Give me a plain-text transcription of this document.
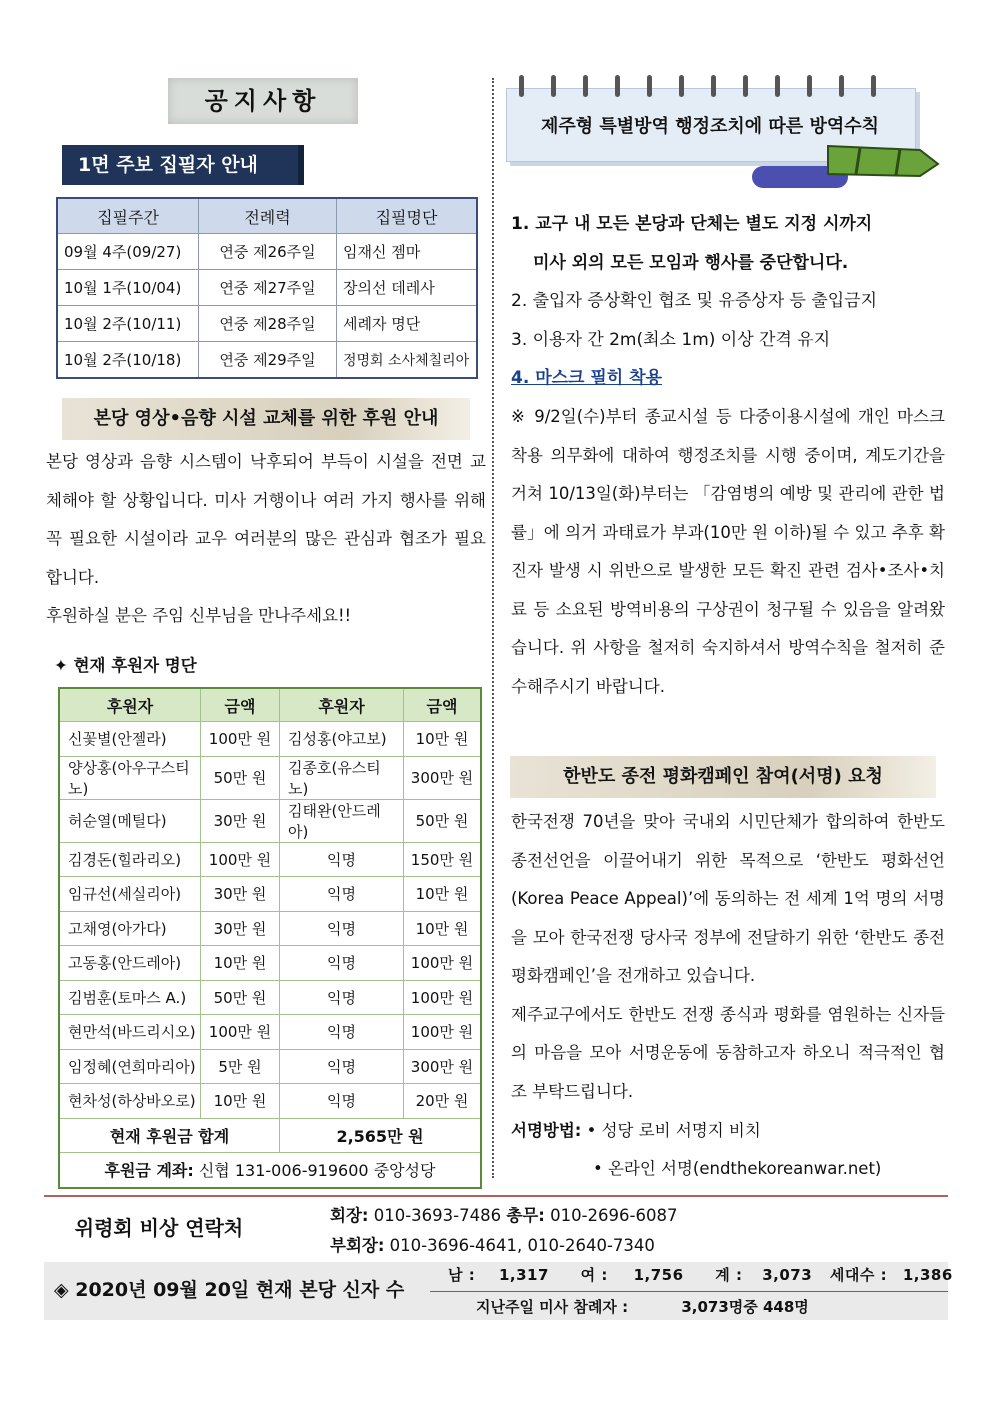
공지사항
1면 주보 집필자 안내
집필주간	전례력	집필명단
09월 4주(09/27)	연중 제26주일	임재신 젬마
10월 1주(10/04)	연중 제27주일	장의선 데레사
10월 2주(10/11)	연중 제28주일	세례자 명단
10월 2주(10/18)	연중 제29주일	정명회 소사체칠리아
본당 영상•음향 시설 교체를 위한 후원 안내
본당 영상과 음향 시스템이 낙후되어 부득이 시설을 전면 교체해야 할 상황입니다. 미사 거행이나 여러 가지 행사를 위해 꼭 필요한 시설이라 교우 여러분의 많은 관심과 협조가 필요합니다.
후원하실 분은 주임 신부님을 만나주세요!!
✦ 현재 후원자 명단
후원자	금액	후원자	금액
신꽃별(안젤라)	100만 원	김성홍(야고보)	10만 원
양상홍(아우구스티노)	50만 원	김종호(유스티노)	300만 원
허순열(메틸다)	30만 원	김태완(안드레아)	50만 원
김경돈(힐라리오)	100만 원	익명	150만 원
임규선(세실리아)	30만 원	익명	10만 원
고채영(아가다)	30만 원	익명	10만 원
고동홍(안드레아)	10만 원	익명	100만 원
김범훈(토마스 A.)	50만 원	익명	100만 원
현만석(바드리시오)	100만 원	익명	100만 원
임정혜(연희마리아)	5만 원	익명	300만 원
현차성(하상바오로)	10만 원	익명	20만 원
현재 후원금 합계		2,565만 원	
후원금 계좌: 신협 131-006-919600 중앙성당			
제주형 특별방역 행정조치에 따른 방역수칙
1. 교구 내 모든 본당과 단체는 별도 지정 시까지
미사 외의 모든 모임과 행사를 중단합니다.
2. 출입자 증상확인 협조 및 유증상자 등 출입금지
3. 이용자 간 2m(최소 1m) 이상 간격 유지
4. 마스크 필히 착용
※ 9/2일(수)부터 종교시설 등 다중이용시설에 개인 마스크 착용 의무화에 대하여 행정조치를 시행 중이며, 계도기간을 거쳐 10/13일(화)부터는 「감염병의 예방 및 관리에 관한 법률」에 의거 과태료가 부과(10만 원 이하)될 수 있고 추후 확진자 발생 시 위반으로 발생한 모든 확진 관련 검사•조사•치료 등 소요된 방역비용의 구상권이 청구될 수 있음을 알려왔습니다. 위 사항을 철저히 숙지하셔서 방역수칙을 철저히 준수해주시기 바랍니다.
한반도 종전 평화캠페인 참여(서명) 요청
한국전쟁 70년을 맞아 국내외 시민단체가 합의하여 한반도 종전선언을 이끌어내기 위한 목적으로 ‘한반도 평화선언(Korea Peace Appeal)’에 동의하는 전 세계 1억 명의 서명을 모아 한국전쟁 당사국 정부에 전달하기 위한 ‘한반도 종전 평화캠페인’을 전개하고 있습니다.
제주교구에서도 한반도 전쟁 종식과 평화를 염원하는 신자들의 마음을 모아 서명운동에 동참하고자 하오니 적극적인 협조 부탁드립니다.
서명방법: • 성당 로비 서명지 비치
• 온라인 서명(endthekoreanwar.net)
위령회 비상 연락처
회장: 010-3693-7486 총무: 010-2696-6087
부회장: 010-3696-4641, 010-2640-7340
◈ 2020년 09월 20일 현재 본당 신자 수
남 : 1,317 여 : 1,756 계 : 3,073 세대수 : 1,386
지난주일 미사 참례자 :	3,073명중 448명
